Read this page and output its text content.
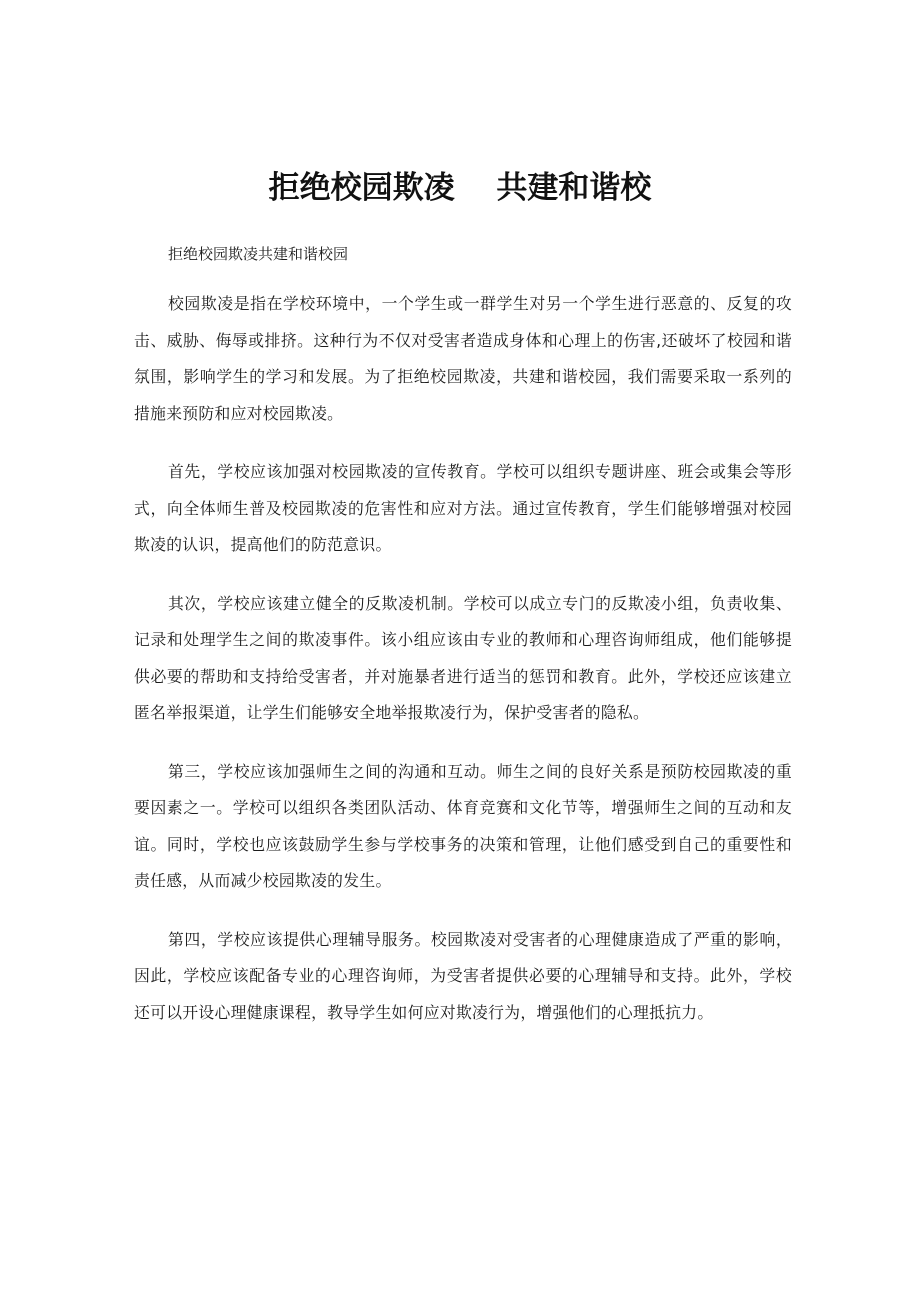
拒绝校园欺凌　 共建和谐校
拒绝校园欺凌共建和谐校园

校园欺凌是指在学校环境中，一个学生或一群学生对另一个学生进行恶意的、反复的攻击、威胁、侮辱或排挤。这种行为不仅对受害者造成身体和心理上的伤害,还破坏了校园和谐氛围，影响学生的学习和发展。为了拒绝校园欺凌，共建和谐校园，我们需要采取一系列的措施来预防和应对校园欺凌。

首先，学校应该加强对校园欺凌的宣传教育。学校可以组织专题讲座、班会或集会等形式，向全体师生普及校园欺凌的危害性和应对方法。通过宣传教育，学生们能够增强对校园欺凌的认识，提高他们的防范意识。

其次，学校应该建立健全的反欺凌机制。学校可以成立专门的反欺凌小组，负责收集、记录和处理学生之间的欺凌事件。该小组应该由专业的教师和心理咨询师组成，他们能够提供必要的帮助和支持给受害者，并对施暴者进行适当的惩罚和教育。此外，学校还应该建立匿名举报渠道，让学生们能够安全地举报欺凌行为，保护受害者的隐私。

第三，学校应该加强师生之间的沟通和互动。师生之间的良好关系是预防校园欺凌的重要因素之一。学校可以组织各类团队活动、体育竞赛和文化节等，增强师生之间的互动和友谊。同时，学校也应该鼓励学生参与学校事务的决策和管理，让他们感受到自己的重要性和责任感，从而减少校园欺凌的发生。

第四，学校应该提供心理辅导服务。校园欺凌对受害者的心理健康造成了严重的影响，因此，学校应该配备专业的心理咨询师，为受害者提供必要的心理辅导和支持。此外，学校还可以开设心理健康课程，教导学生如何应对欺凌行为，增强他们的心理抵抗力。
